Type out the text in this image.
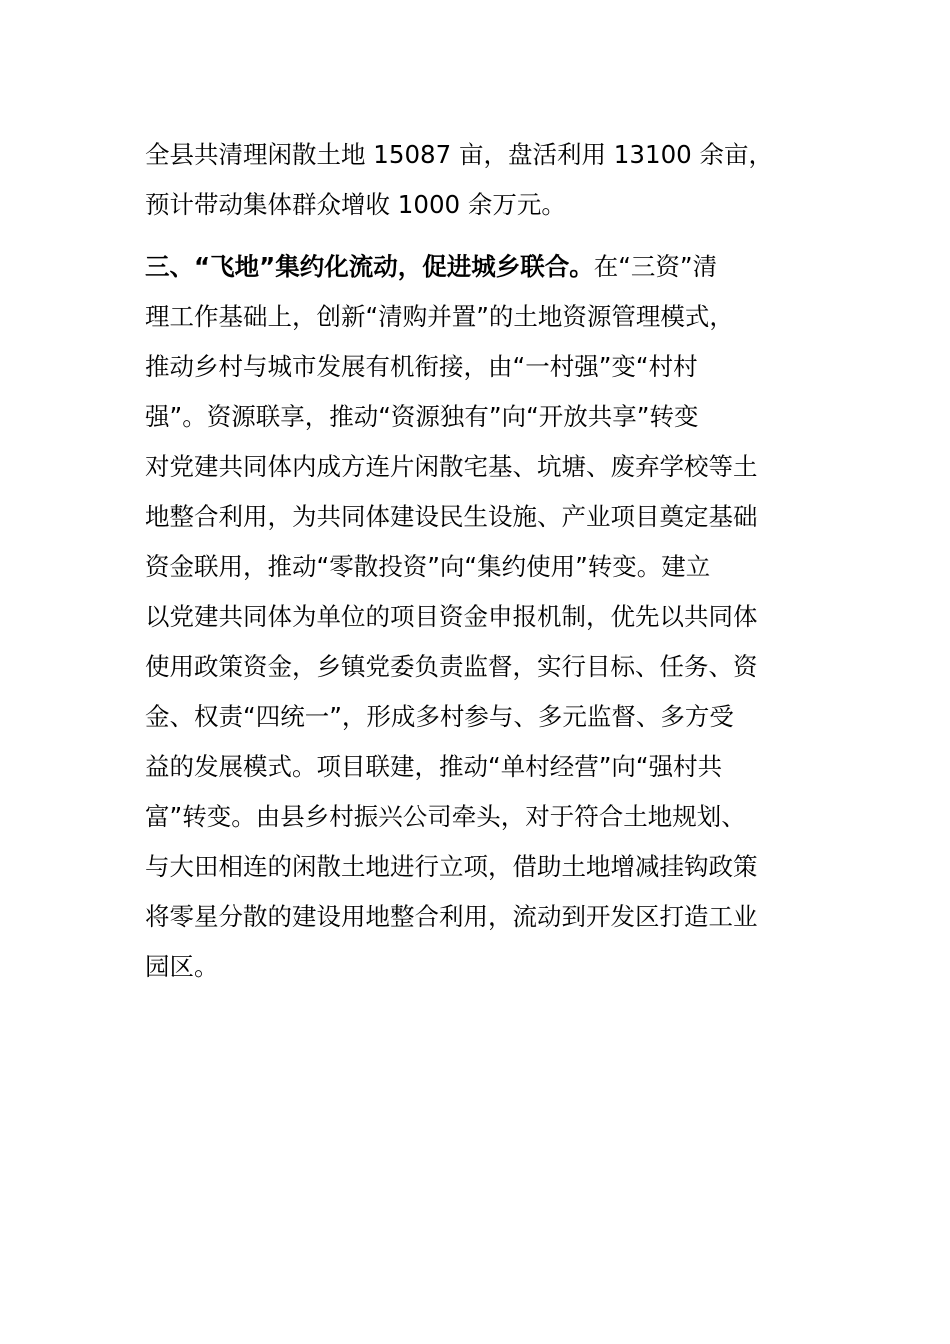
全县共清理闲散土地 15087 亩，盘活利用 13100 余亩，
预计带动集体群众增收 1000 余万元。
三、“飞地”集约化流动，促进城乡联合。在“三资”清
理工作基础上，创新“清购并置”的土地资源管理模式，
推动乡村与城市发展有机衔接，由“一村强”变“村村
强”。资源联享，推动“资源独有”向“开放共享”转变
对党建共同体内成方连片闲散宅基、坑塘、废弃学校等土
地整合利用，为共同体建设民生设施、产业项目奠定基础
资金联用，推动“零散投资”向“集约使用”转变。建立
以党建共同体为单位的项目资金申报机制，优先以共同体
使用政策资金，乡镇党委负责监督，实行目标、任务、资
金、权责“四统一”，形成多村参与、多元监督、多方受
益的发展模式。项目联建，推动“单村经营”向“强村共
富”转变。由县乡村振兴公司牵头，对于符合土地规划、
与大田相连的闲散土地进行立项，借助土地增减挂钩政策
将零星分散的建设用地整合利用，流动到开发区打造工业
园区。
